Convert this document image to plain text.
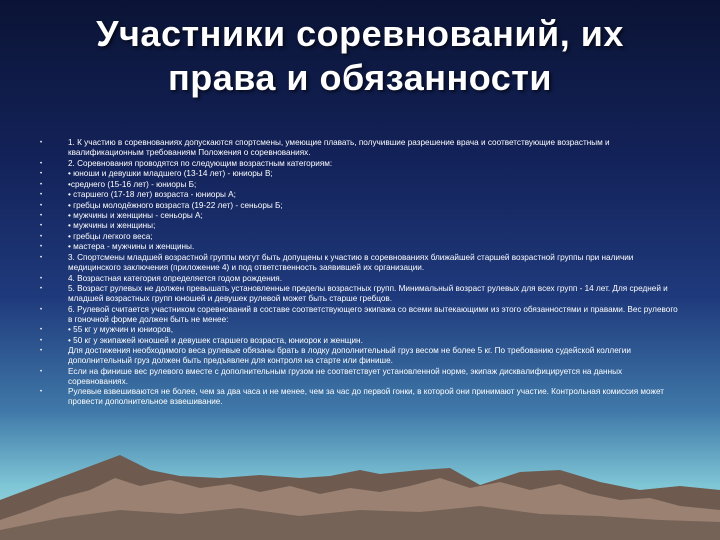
Участники соревнований, их
права и обязанности
•	1. К участию в соревнованиях допускаются спортсмены, умеющие плавать, получившие разрешение врача и соответствующие возрастным и квалификационным требованиям Положения о соревнованиях.
•	2. Соревнования проводятся по следующим возрастным категориям:
•	• юноши и девушки младшего (13-14 лет) - юниоры В;
•	•среднего (15-16 лет) - юниоры Б;
•	• старшего (17-18 лет) возраста - юниоры А;
•	• гребцы молодёжного возраста (19-22 лет) - сеньоры Б;
•	• мужчины и женщины - сеньоры А;
•	• мужчины и женщины;
•	• гребцы легкого веса;
•	• мастера - мужчины и женщины.
•	3. Спортсмены младшей возрастной группы могут быть допущены к участию в соревнованиях ближайшей старшей возрастной группы при наличии медицинского заключения (приложение 4) и под ответственность заявившей их организации.
•	4. Возрастная категория определяется годом рождения.
•	5. Возраст рулевых не должен превышать установленные пределы возрастных групп. Минимальный возраст рулевых для всех групп - 14 лет. Для средней и младшей возрастных групп юношей и девушек рулевой может быть старше гребцов.
•	6. Рулевой считается участником соревнований в составе соответствующего экипажа со всеми вытекающими из этого обязанностями и правами. Вес рулевого в гоночной форме должен быть не менее:
•	• 55 кг у мужчин и юниоров,
•	• 50 кг у экипажей юношей и девушек старшего возраста, юниорок и женщин.
•	Для достижения необходимого веса рулевые обязаны брать в лодку дополнительный груз весом не более 5 кг. По требованию судейской коллегии дополнительный груз должен быть предъявлен для контроля на старте или финише.
•	Если на финише вес рулевого вместе с дополнительным грузом не соответствует установленной норме, экипаж дисквалифицируется на данных соревнованиях.
•	Рулевые взвешиваются не более, чем за два часа и не менее, чем за час до первой гонки, в которой они принимают участие. Контрольная комиссия может провести дополнительное взвешивание.
